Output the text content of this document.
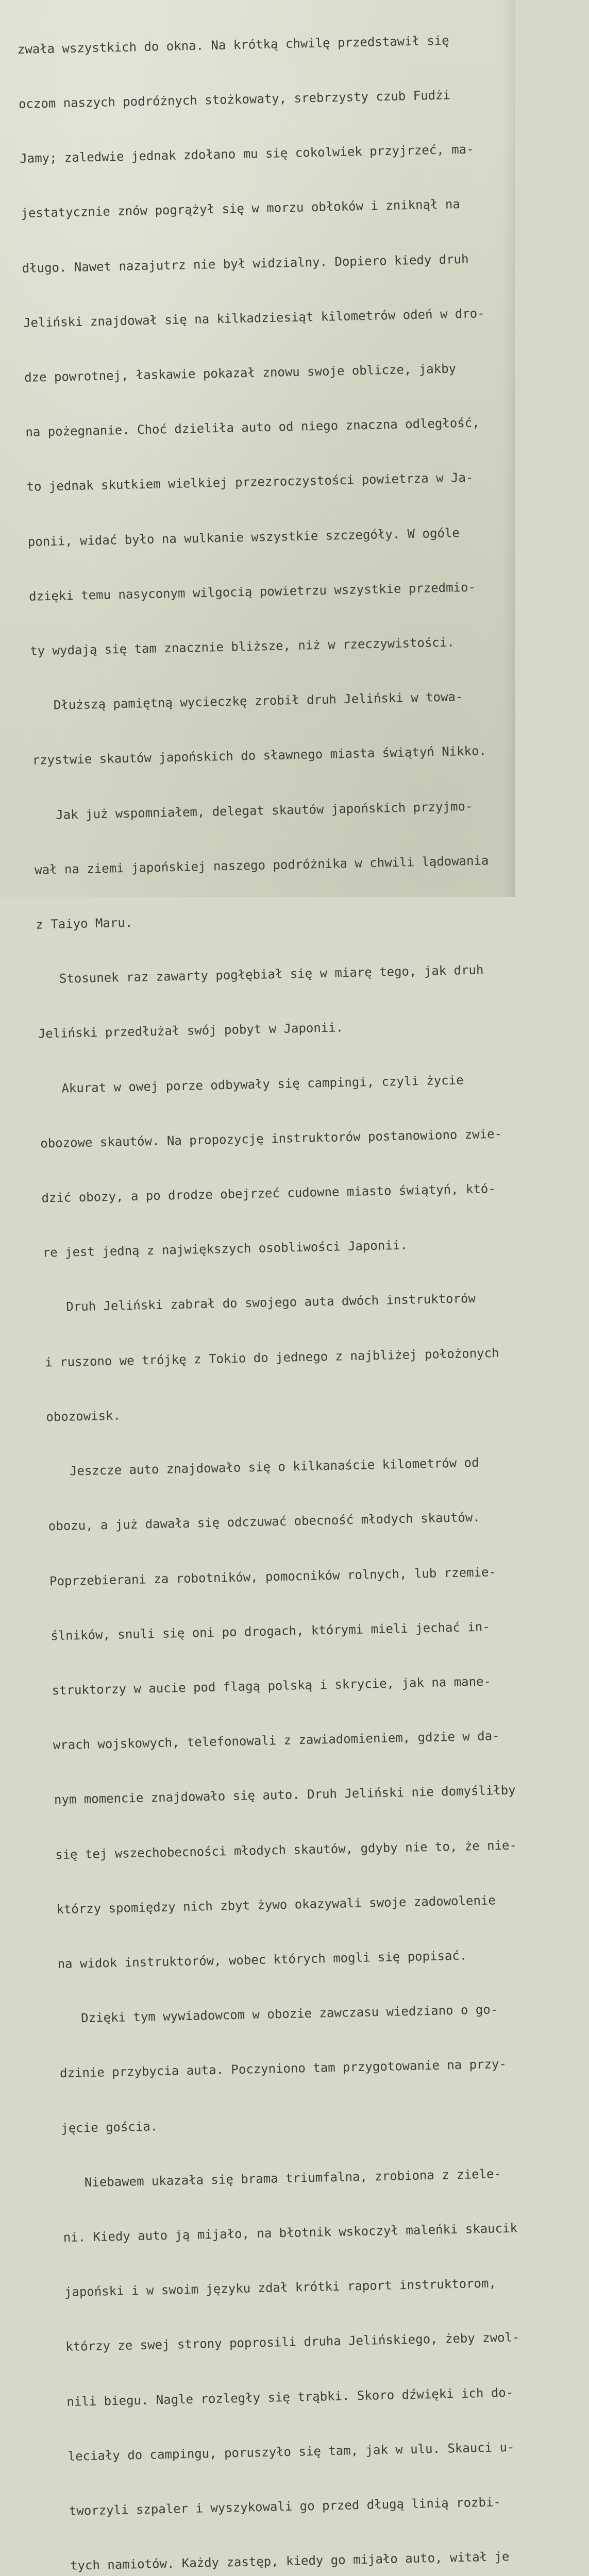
zwała wszystkich do okna. Na krótką chwilę przedstawił się

oczom naszych podróżnych stożkowaty, srebrzysty czub Fudżi

Jamy; zaledwie jednak zdołano mu się cokolwiek przyjrzeć, ma-

jestatycznie znów pogrążył się w morzu obłoków i zniknął na

długo. Nawet nazajutrz nie był widzialny. Dopiero kiedy druh

Jeliński znajdował się na kilkadziesiąt kilometrów odeń w dro-

dze powrotnej, łaskawie pokazał znowu swoje oblicze, jakby

na pożegnanie. Choć dzieliła auto od niego znaczna odległość,

to jednak skutkiem wielkiej przezroczystości powietrza w Ja-

ponii, widać było na wulkanie wszystkie szczegóły. W ogóle

dzięki temu nasyconym wilgocią powietrzu wszystkie przedmio-

ty wydają się tam znacznie bliższe, niż w rzeczywistości.

Dłuższą pamiętną wycieczkę zrobił druh Jeliński w towa-

rzystwie skautów japońskich do sławnego miasta świątyń Nikko.

Jak już wspomniałem, delegat skautów japońskich przyjmo-

wał na ziemi japońskiej naszego podróżnika w chwili lądowania

z Taiyo Maru.

Stosunek raz zawarty pogłębiał się w miarę tego, jak druh

Jeliński przedłużał swój pobyt w Japonii.

Akurat w owej porze odbywały się campingi, czyli życie

obozowe skautów. Na propozycję instruktorów postanowiono zwie-

dzić obozy, a po drodze obejrzeć cudowne miasto świątyń, któ-

re jest jedną z największych osobliwości Japonii.

Druh Jeliński zabrał do swojego auta dwóch instruktorów

i ruszono we trójkę z Tokio do jednego z najbliżej położonych

obozowisk.

Jeszcze auto znajdowało się o kilkanaście kilometrów od

obozu, a już dawała się odczuwać obecność młodych skautów.

Poprzebierani za robotników, pomocników rolnych, lub rzemie-

ślników, snuli się oni po drogach, którymi mieli jechać in-

struktorzy w aucie pod flagą polską i skrycie, jak na mane-

wrach wojskowych, telefonowali z zawiadomieniem, gdzie w da-

nym momencie znajdowało się auto. Druh Jeliński nie domyśliłby

się tej wszechobecności młodych skautów, gdyby nie to, że nie-

którzy spomiędzy nich zbyt żywo okazywali swoje zadowolenie

na widok instruktorów, wobec których mogli się popisać.

Dzięki tym wywiadowcom w obozie zawczasu wiedziano o go-

dzinie przybycia auta. Poczyniono tam przygotowanie na przy-

jęcie gościa.

Niebawem ukazała się brama triumfalna, zrobiona z ziele-

ni. Kiedy auto ją mijało, na błotnik wskoczył maleńki skaucik

japoński i w swoim języku zdał krótki raport instruktorom,

którzy ze swej strony poprosili druha Jelińskiego, żeby zwol-

nili biegu. Nagle rozległy się trąbki. Skoro dźwięki ich do-

leciały do campingu, poruszyło się tam, jak w ulu. Skauci u-

tworzyli szpaler i wyszykowali go przed długą linią rozbi-

tych namiotów. Każdy zastęp, kiedy go mijało auto, witał je
